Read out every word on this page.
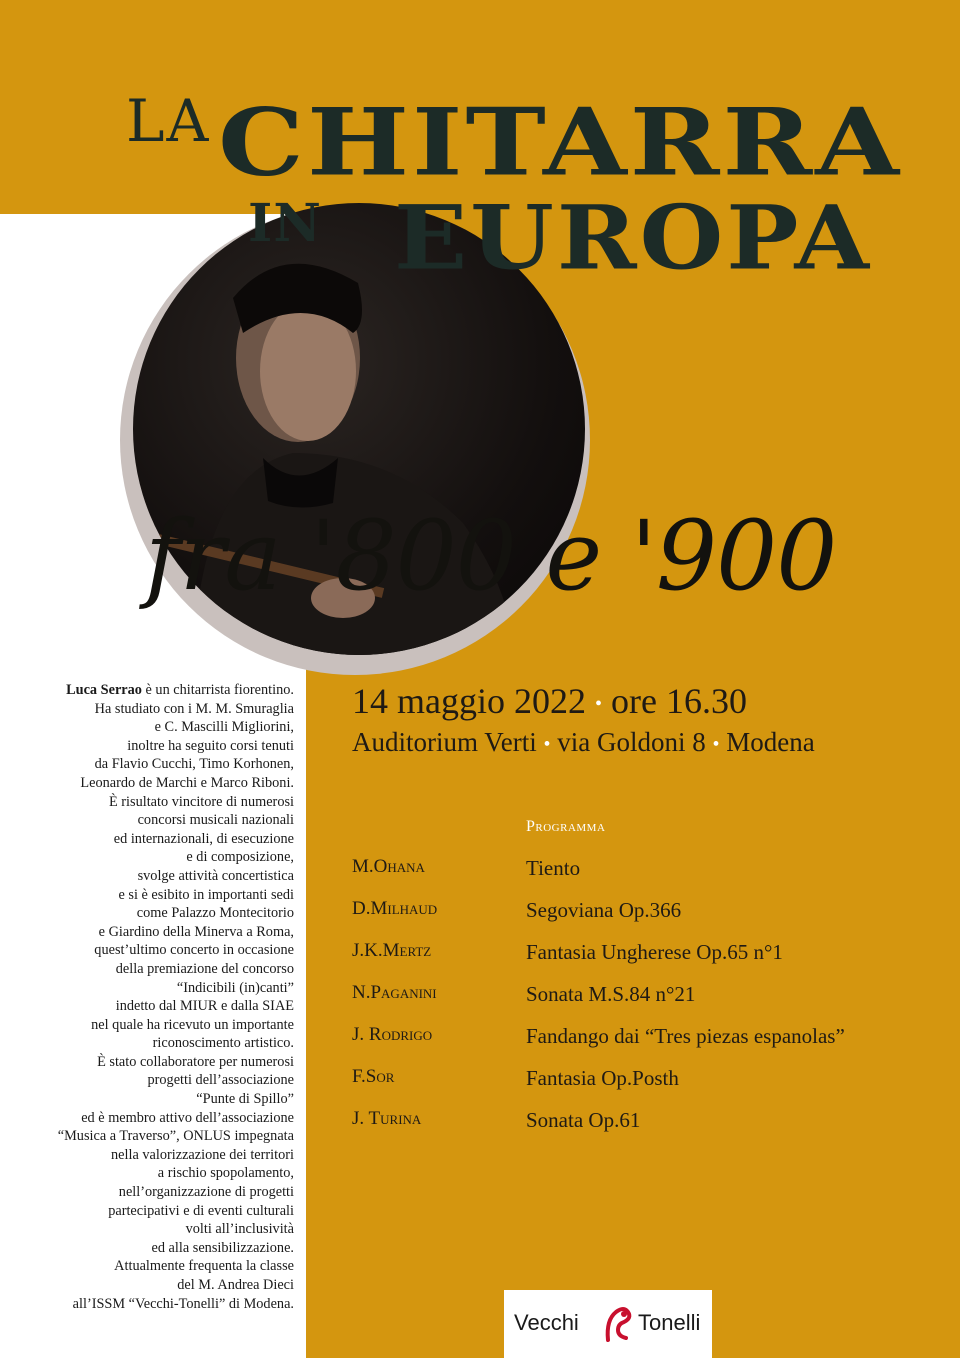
LA CHITARRA
IN EUROPA
fra '800 e '900
Luca Serrao è un chitarrista fiorentino.
Ha studiato con i M. M. Smuraglia
e C. Mascilli Migliorini,
inoltre ha seguito corsi tenuti
da Flavio Cucchi, Timo Korhonen,
Leonardo de Marchi e Marco Riboni.
È risultato vincitore di numerosi
concorsi musicali nazionali
ed internazionali, di esecuzione
e di composizione,
svolge attività concertistica
e si è esibito in importanti sedi
come Palazzo Montecitorio
e Giardino della Minerva a Roma,
quest’ultimo concerto in occasione
della premiazione del concorso
“Indicibili (in)canti”
indetto dal MIUR e dalla SIAE
nel quale ha ricevuto un importante
riconoscimento artistico.
È stato collaboratore per numerosi
progetti dell’associazione
“Punte di Spillo”
ed è membro attivo dell’associazione
“Musica a Traverso”, ONLUS impegnata
nella valorizzazione dei territori
a rischio spopolamento,
nell’organizzazione di progetti
partecipativi e di eventi culturali
volti all’inclusività
ed alla sensibilizzazione.
Attualmente frequenta la classe
del M. Andrea Dieci
all’ISSM “Vecchi-Tonelli” di Modena.
14 maggio 2022 • ore 16.30
Auditorium Verti • via Goldoni 8 • Modena
Programma
M.Ohana	Tiento
D.Milhaud	Segoviana Op.366
J.K.Mertz	Fantasia Ungherese Op.65 n°1
N.Paganini	Sonata M.S.84 n°21
J. Rodrigo	Fandango dai “Tres piezas espanolas”
F.Sor	Fantasia Op.Posth
J. Turina	Sonata Op.61
Vecchi	Tonelli
